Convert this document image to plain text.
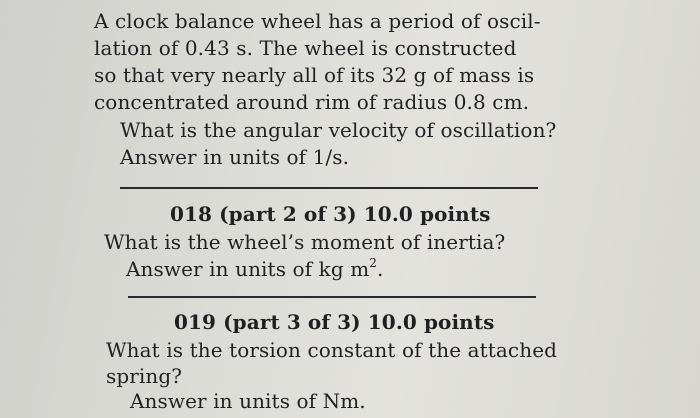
A clock balance wheel has a period of oscil-
lation of 0.43 s. The wheel is constructed
so that very nearly all of its 32 g of mass is
concentrated around rim of radius 0.8 cm.
What is the angular velocity of oscillation?
Answer in units of 1/s.
018 (part 2 of 3) 10.0 points
What is the wheel’s moment of inertia?
Answer in units of kg $m^2$.
019 (part 3 of 3) 10.0 points
What is the torsion constant of the attached
spring?
Answer in units of Nm.
